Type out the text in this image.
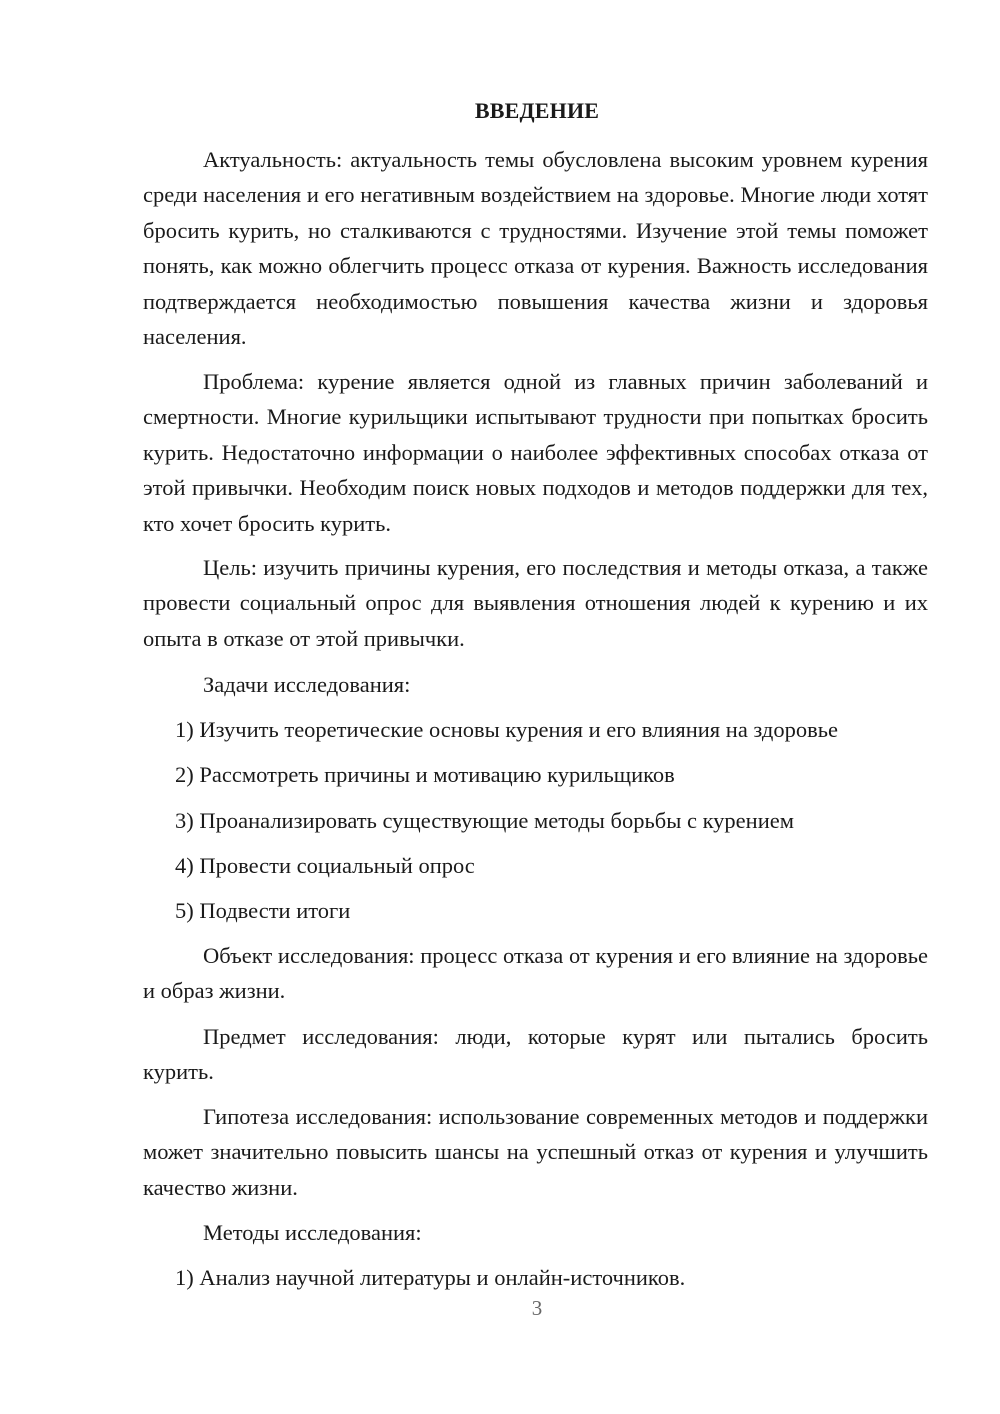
ВВЕДЕНИЕ

Актуальность: актуальность темы обусловлена высоким уровнем курения среди населения и его негативным воздействием на здоровье. Многие люди хотят бросить курить, но сталкиваются с трудностями. Изучение этой темы поможет понять, как можно облегчить процесс отказа от курения. Важность исследования подтверждается необходимостью повышения качества жизни и здоровья населения.

Проблема: курение является одной из главных причин заболеваний и смертности. Многие курильщики испытывают трудности при попытках бросить курить. Недостаточно информации о наиболее эффективных способах отказа от этой привычки. Необходим поиск новых подходов и методов поддержки для тех, кто хочет бросить курить.

Цель: изучить причины курения, его последствия и методы отказа, а также провести социальный опрос для выявления отношения людей к курению и их опыта в отказе от этой привычки.

Задачи исследования:

1) Изучить теоретические основы курения и его влияния на здоровье

2) Рассмотреть причины и мотивацию курильщиков

3) Проанализировать существующие методы борьбы с курением

4) Провести социальный опрос

5) Подвести итоги

Объект исследования: процесс отказа от курения и его влияние на здоровье и образ жизни.

Предмет исследования: люди, которые курят или пытались бросить курить.

Гипотеза исследования: использование современных методов и поддержки может значительно повысить шансы на успешный отказ от курения и улучшить качество жизни.

Методы исследования:

1) Анализ научной литературы и онлайн-источников.

3
